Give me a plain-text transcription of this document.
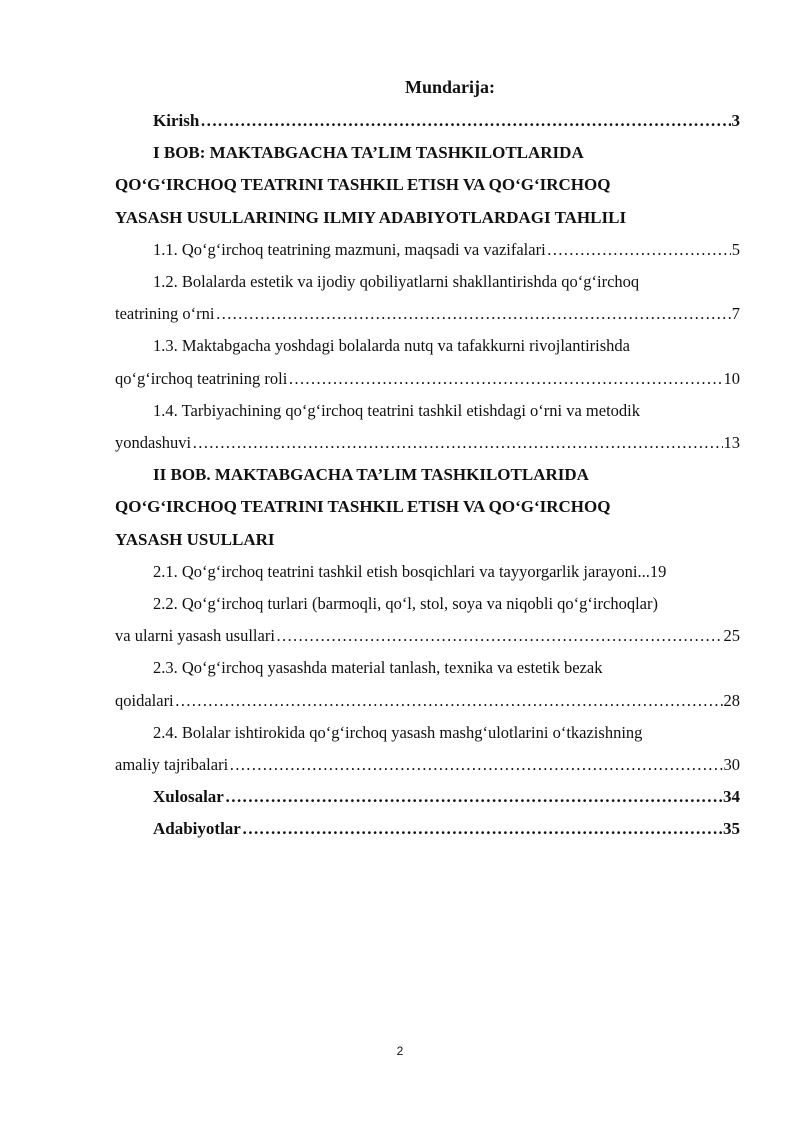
Mundarija:
Kirish ……………………………………………………………………………………………………………………………………………………	3
I BOB: MAKTABGACHA TA’LIM TASHKILOTLARIDA
QO‘G‘IRCHOQ TEATRINI TASHKIL ETISH VA QO‘G‘IRCHOQ
YASASH USULLARINING ILMIY ADABIYOTLARDAGI TAHLILI
1.1. Qo‘g‘irchoq teatrining mazmuni, maqsadi va vazifalari ……………………………………………………………………………………………………………………………………………………	5
1.2. Bolalarda estetik va ijodiy qobiliyatlarni shakllantirishda qo‘g‘irchoq
teatrining o‘rni ……………………………………………………………………………………………………………………………………………………	7
1.3. Maktabgacha yoshdagi bolalarda nutq va tafakkurni rivojlantirishda
qo‘g‘irchoq teatrining roli ……………………………………………………………………………………………………………………………………………………	10
1.4. Tarbiyachining qo‘g‘irchoq teatrini tashkil etishdagi o‘rni va metodik
yondashuvi ……………………………………………………………………………………………………………………………………………………	13
II BOB. MAKTABGACHA TA’LIM TASHKILOTLARIDA
QO‘G‘IRCHOQ TEATRINI TASHKIL ETISH VA QO‘G‘IRCHOQ
YASASH USULLARI
2.1. Qo‘g‘irchoq teatrini tashkil etish bosqichlari va tayyorgarlik jarayoni...19
2.2. Qo‘g‘irchoq turlari (barmoqli, qo‘l, stol, soya va niqobli qo‘g‘irchoqlar)
va ularni yasash usullari ……………………………………………………………………………………………………………………………………………………	25
2.3. Qo‘g‘irchoq yasashda material tanlash, texnika va estetik bezak
qoidalari ……………………………………………………………………………………………………………………………………………………	28
2.4. Bolalar ishtirokida qo‘g‘irchoq yasash mashg‘ulotlarini o‘tkazishning
amaliy tajribalari ……………………………………………………………………………………………………………………………………………………	30
Xulosalar ……………………………………………………………………………………………………………………………………………………	34
Adabiyotlar ……………………………………………………………………………………………………………………………………………………	35
2
